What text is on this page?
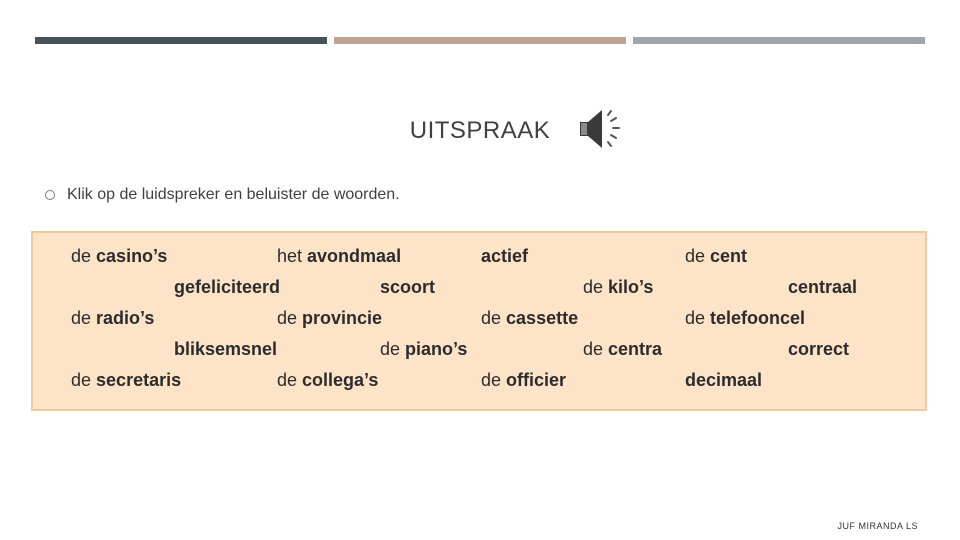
UITSPRAAK
Klik op de luidspreker en beluister de woorden.
de casino’s	het avondmaal	actief	de cent
gefeliciteerd	scoort	de kilo’s	centraal
de radio’s	de provincie	de cassette	de telefooncel
bliksemsnel	de piano’s	de centra	correct
de secretaris	de collega’s	de officier	decimaal
JUF MIRANDA LS
